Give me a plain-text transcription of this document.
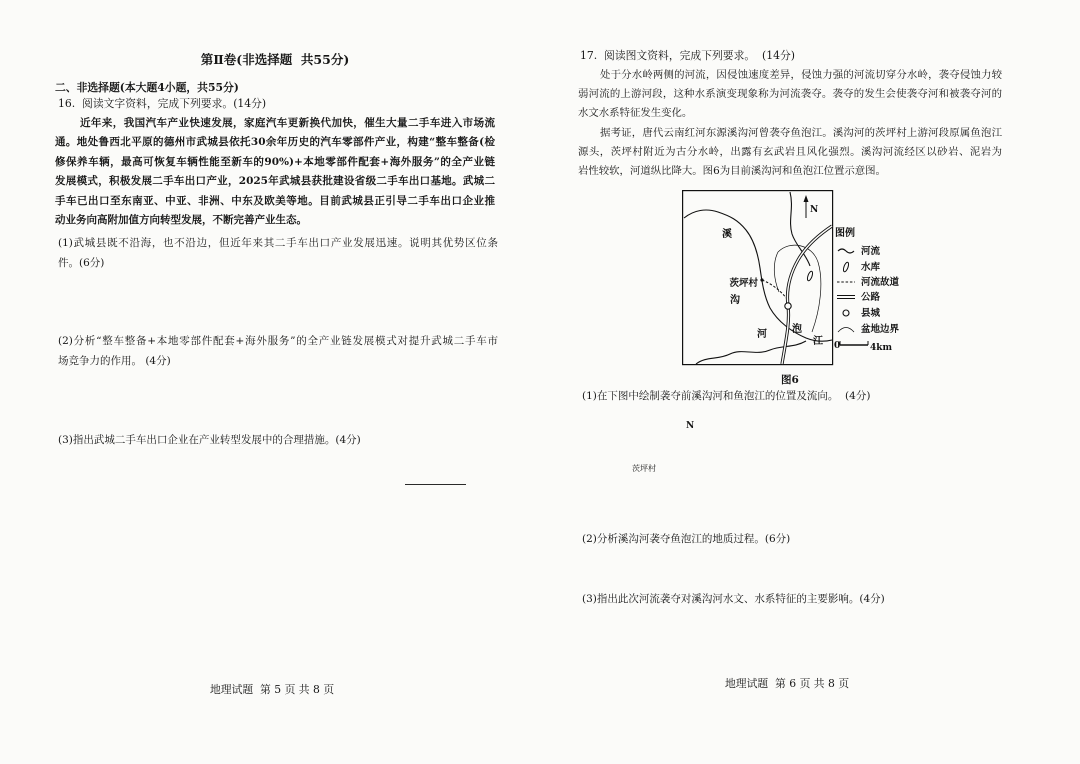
第Ⅱ卷(非选择题  共55分)
二、非选择题(本大题4小题，共55分)
16.  阅读文字资料，完成下列要求。(14分)
近年来，我国汽车产业快速发展，家庭汽车更新换代加快，催生大量二手车进入市场流
通。地处鲁西北平原的德州市武城县依托30余年历史的汽车零部件产业，构建“整车整备(检
修保养车辆，最高可恢复车辆性能至新车的90%)+本地零部件配套+海外服务”的全产业链
发展模式，积极发展二手车出口产业，2025年武城县获批建设省级二手车出口基地。武城二
手车已出口至东南亚、中亚、非洲、中东及欧美等地。目前武城县正引导二手车出口企业推
动业务向高附加值方向转型发展，不断完善产业生态。
(1)武城县既不沿海，也不沿边，但近年来其二手车出口产业发展迅速。说明其优势区位条
件。(6分)
(2)分析“整车整备+本地零部件配套+海外服务”的全产业链发展模式对提升武城二手车市
场竞争力的作用。 (4分)
(3)指出武城二手车出口企业在产业转型发展中的合理措施。(4分)
地理试题  第 5 页 共 8 页
17.  阅读图文资料，完成下列要求。  (14分)
处于分水岭两侧的河流，因侵蚀速度差异，侵蚀力强的河流切穿分水岭，袭夺侵蚀力较
弱河流的上游河段，这种水系演变现象称为河流袭夺。袭夺的发生会使袭夺河和被袭夺河的
水文水系特征发生变化。
据考证，唐代云南红河东源溪沟河曾袭夺鱼泡江。溪沟河的茨坪村上游河段原属鱼泡江
源头，茨坪村附近为古分水岭，出露有玄武岩且风化强烈。溪沟河流经区以砂岩、泥岩为
岩性较软，河道纵比降大。图6为目前溪沟河和鱼泡江位置示意图。
N
溪
茨坪村
沟
河	泡
江
图例
河流
水库
河流故道
公路
县城
盆地边界
0	4km
图6
(1)在下图中绘制袭夺前溪沟河和鱼泡江的位置及流向。  (4分)
N
茨坪村
(2)分析溪沟河袭夺鱼泡江的地质过程。(6分)
(3)指出此次河流袭夺对溪沟河水文、水系特征的主要影响。(4分)
地理试题  第 6 页 共 8 页
